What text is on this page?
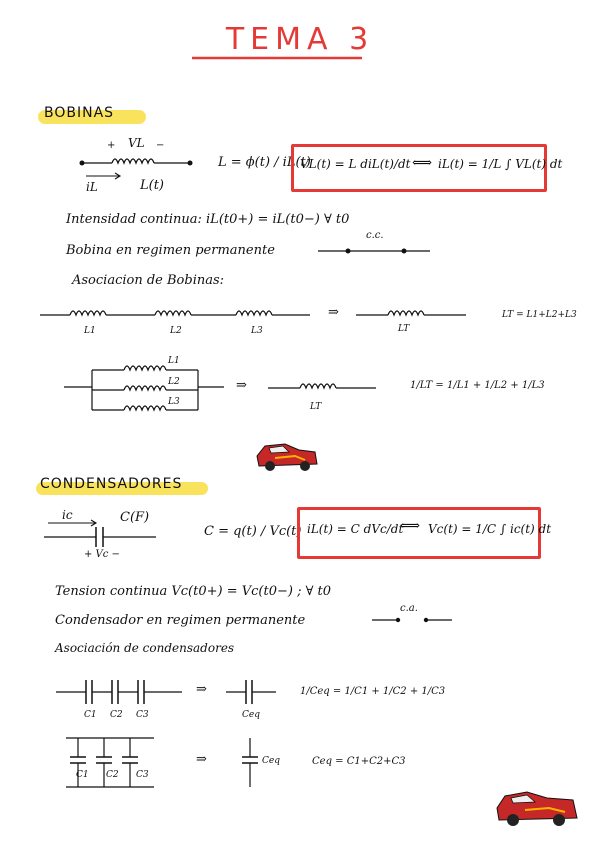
TEMA 3
BOBINAS
+ VL −
iL	L(t)
L = ϕ(t) / iL(t)
VL(t) = L diL(t)/dt ⟺ iL(t) = 1/L ∫ VL(t) dt
Intensidad continua: iL(t0+) = iL(t0−) ∀ t0
Bobina en regimen permanente
c.c.
Asociacion de Bobinas:
L1	L2	L3
⇒
LT
LT = L1+L2+L3
L1
L2
L3
⇒
LT
1/LT = 1/L1 + 1/L2 + 1/L3
CONDENSADORES
ic	C(F)
+ Vc −
C = q(t) / Vc(t) iL(t) = C dVc/dt
⟺ Vc(t) = 1/C ∫ ic(t) dt
Tension continua Vc(t0+) = Vc(t0−) ; ∀ t0
Condensador en regimen permanente
c.a.
Asociación de condensadores
C1 C2 C3
⇒
Ceq
1/Ceq = 1/C1 + 1/C2 + 1/C3
C1 C2 C3
⇒	Ceq	Ceq = C1+C2+C3
